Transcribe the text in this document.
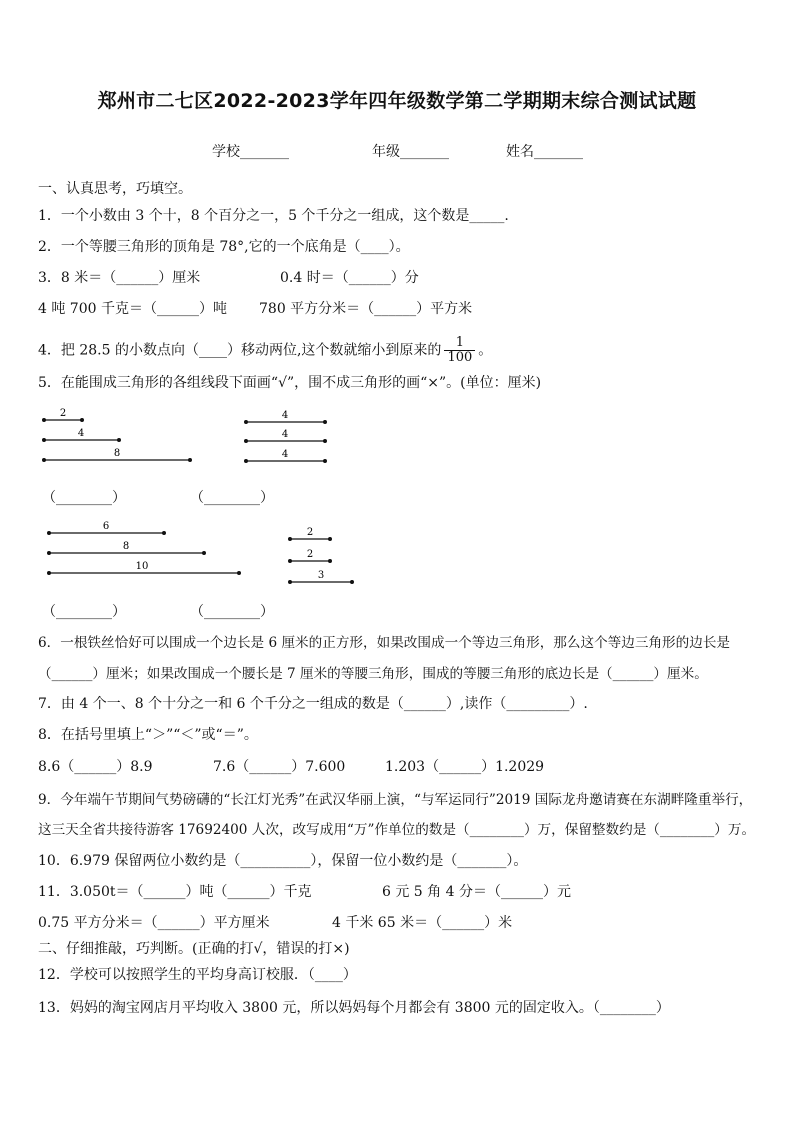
郑州市二七区2022-2023学年四年级数学第二学期期末综合测试试题
学校_______	年级_______	姓名_______
一、认真思考，巧填空。
1．一个小数由 3 个十，8 个百分之一，5 个千分之一组成，这个数是_____.
2．一个等腰三角形的顶角是 78°,它的一个底角是（____）。
3．8 米＝（______）厘米	0.4 时＝（______）分
4 吨 700 千克＝（______）吨 780 平方分米＝（______）平方米
4．把 28.5 的小数点向（____）移动两位,这个数就缩小到原来的 $\frac{1}{100}$ 。
5．在能围成三角形的各组线段下面画“√”，围不成三角形的画“×”。(单位：厘米)
2
4
8
4
4
4
6
8
10
2
2
3
（________）	（________）
（________）	（________）
6．一根铁丝恰好可以围成一个边长是 6 厘米的正方形，如果改围成一个等边三角形，那么这个等边三角形的边长是
（______）厘米；如果改围成一个腰长是 7 厘米的等腰三角形，围成的等腰三角形的底边长是（______）厘米。
7．由 4 个一、8 个十分之一和 6 个千分之一组成的数是（______）,读作（_________）.
8．在括号里填上“＞”“＜”或“＝”。
8.6（______）8.9	7.6（______）7.600	1.203（______）1.2029
9．今年端午节期间气势磅礴的“长江灯光秀”在武汉华丽上演，“与军运同行”2019 国际龙舟邀请赛在东湖畔隆重举行，
这三天全省共接待游客 17692400 人次，改写成用“万”作单位的数是（________）万，保留整数约是（________）万。
10．6.979 保留两位小数约是（__________），保留一位小数约是（_______）。
11．3.050t＝（______）吨（______）千克	6 元 5 角 4 分＝（______）元
0.75 平方分米＝（______）平方厘米	4 千米 65 米＝（______）米
二、仔细推敲，巧判断。(正确的打√，错误的打×)
12．学校可以按照学生的平均身高订校服．（____）
13．妈妈的淘宝网店月平均收入 3800 元，所以妈妈每个月都会有 3800 元的固定收入。（________）
